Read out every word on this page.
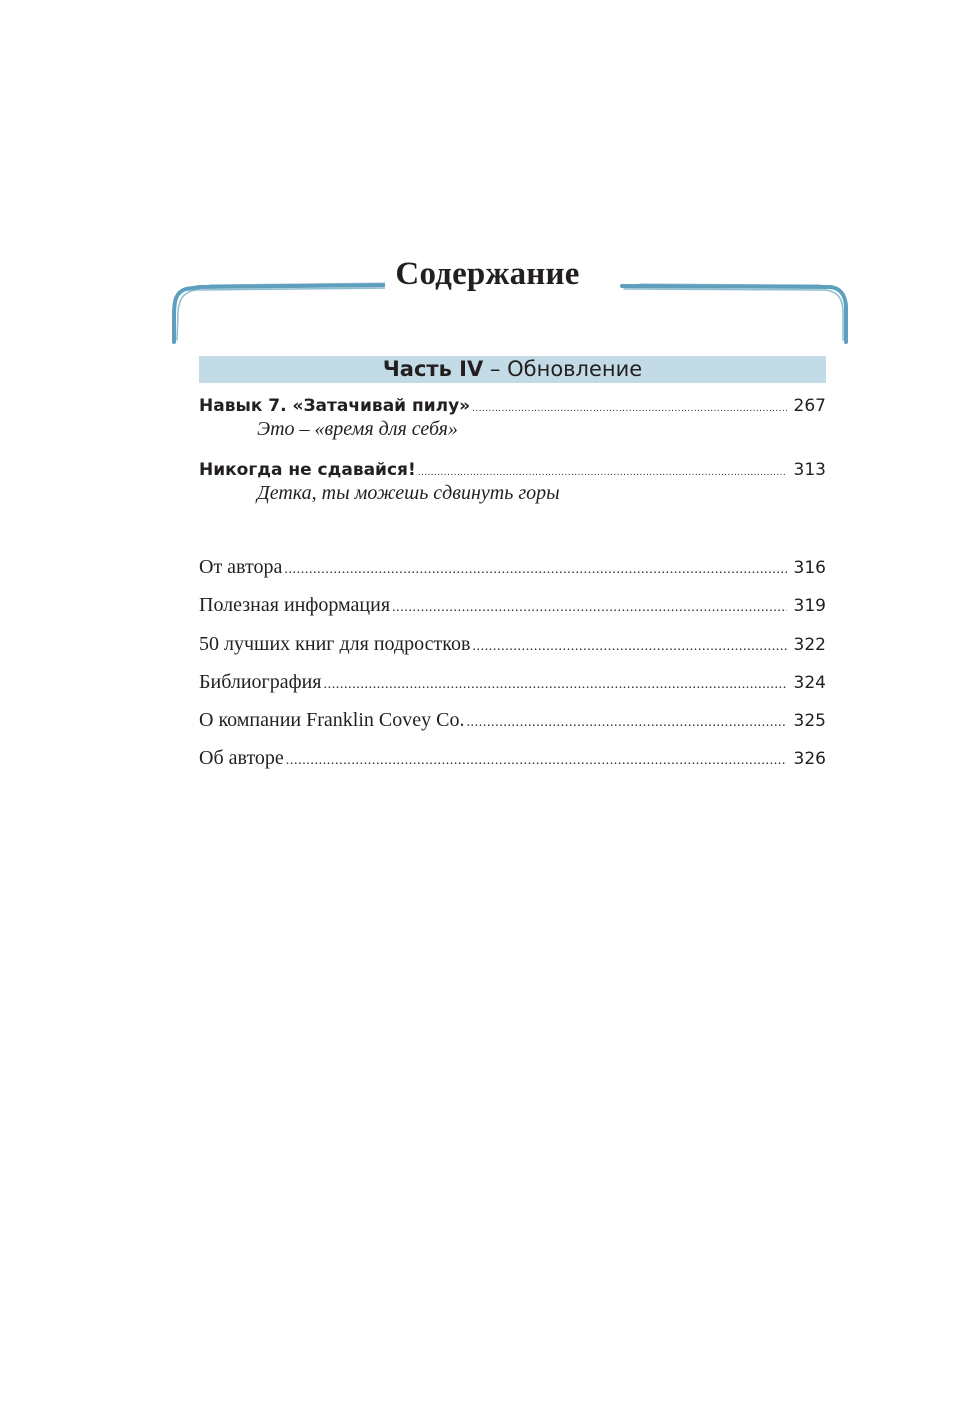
Содержание
Часть IV – Обновление
Навык 7. «Затачивай пилу» .....	267
Это – «время для себя»
Никогда не сдавайся! .....	313
Детка, ты можешь сдвинуть горы
От автора .....	316
Полезная информация .....	319
50 лучших книг для подростков .....	322
Библиография .....	324
О компании Franklin Covey Co. .....	325
Об авторе .....	326
